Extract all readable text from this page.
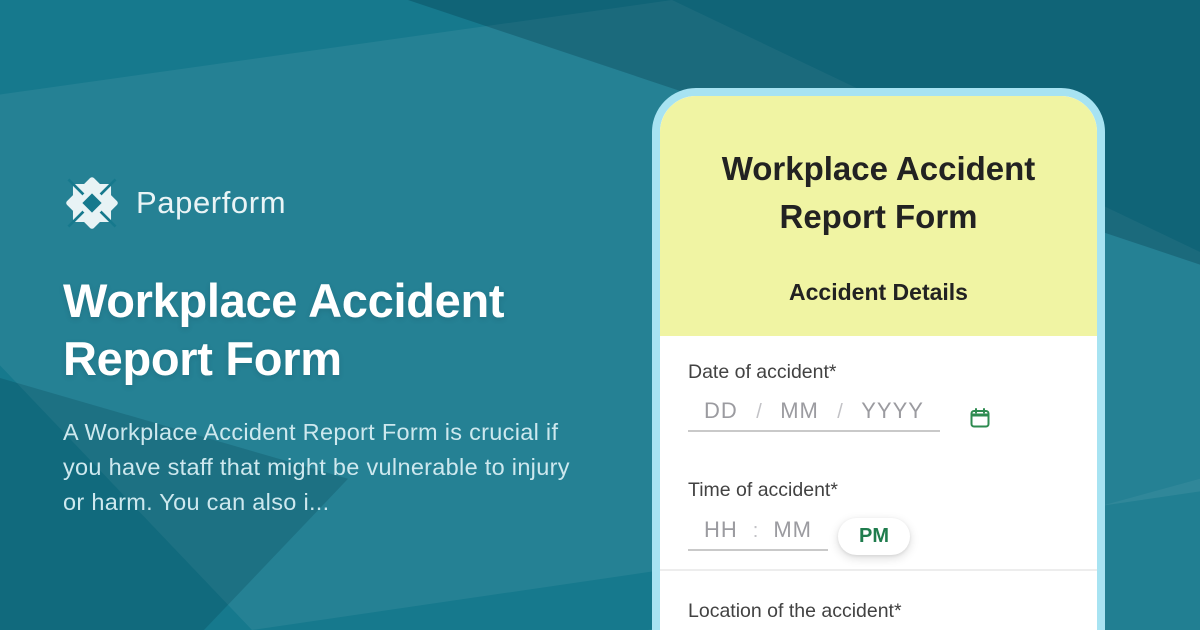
Paperform
Workplace Accident
Report Form

A Workplace Accident Report Form is crucial if you have staff that might be vulnerable to injury or harm. You can also i...

Workplace Accident
Report Form
Accident Details
Date of accident*
DD / MM / YYYY
Time of accident*
HH : MM	PM
Location of the accident*
